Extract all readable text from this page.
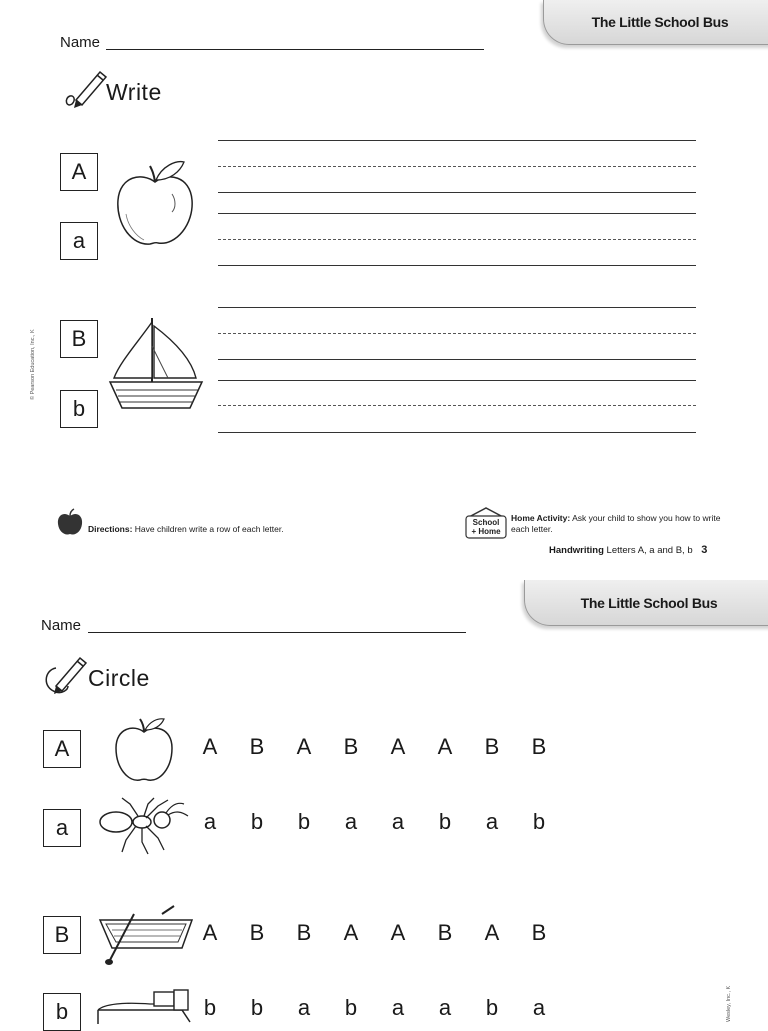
The Little School Bus
Name
Write
A
a
B
b
© Pearson Education, Inc., K
Directions: Have children write a row of each letter.
School
+ Home
Home Activity: Ask your child to show you how to write each letter.
Handwriting Letters A, a and B, b 3
The Little School Bus
Name
Circle
A
a
B
b
A	B	A	B	A	A	B	B
a	b	b	a	a	b	a	b
A	B	B	A	A	B	A	B
b	b	a	b	a	a	b	a	Wesley, Inc., K
